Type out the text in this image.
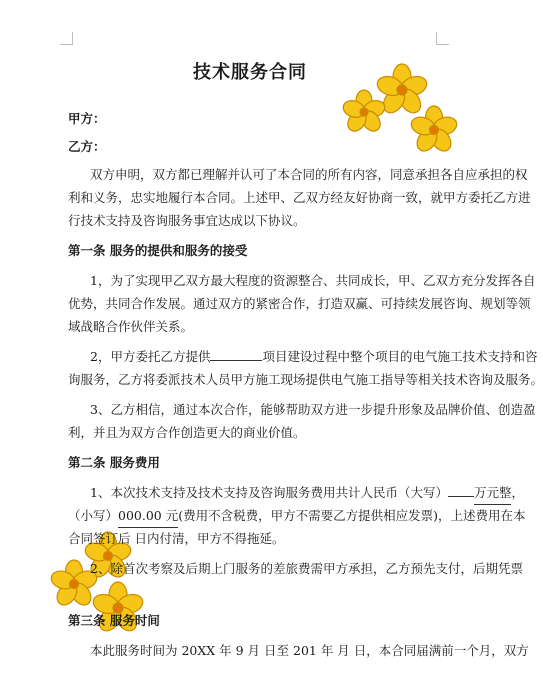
技术服务合同
甲方：
乙方：
双方申明，双方都已理解并认可了本合同的所有内容，同意承担各自应承担的权
利和义务，忠实地履行本合同。上述甲、乙双方经友好协商一致，就甲方委托乙方进
行技术支持及咨询服务事宜达成以下协议。
第一条 服务的提供和服务的接受
1，为了实现甲乙双方最大程度的资源整合、共同成长，甲、乙双方充分发挥各自
优势，共同合作发展。通过双方的紧密合作，打造双赢、可持续发展咨询、规划等领
域战略合作伙伴关系。
2，甲方委托乙方提供	项目建设过程中整个项目的电气施工技术支持和咨
询服务，乙方将委派技术人员甲方施工现场提供电气施工指导等相关技术咨询及服务。
3、乙方相信，通过本次合作，能够帮助双方进一步提升形象及品牌价值、创造盈
利，并且为双方合作创造更大的商业价值。
第二条 服务费用
1、本次技术支持及技术支持及咨询服务费用共计人民币（大写） 万元整，
（小写）000.00 元(费用不含税费，甲方不需要乙方提供相应发票)，上述费用在本
合同签订后 日内付清，甲方不得拖延。
2、除首次考察及后期上门服务的差旅费需甲方承担，乙方预先支付，后期凭票
第三条 服务时间
本此服务时间为 20XX 年 9 月 日至 201 年 月 日，本合同届满前一个月，双方
